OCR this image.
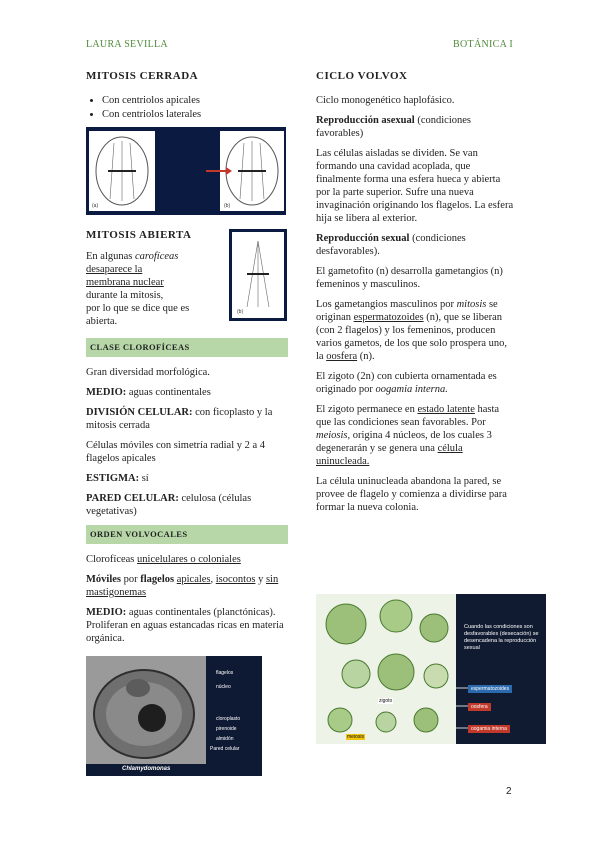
LAURA SEVILLA	BOTÁNICA I
MITOSIS CERRADA
• Con centriolos apicales
• Con centriolos laterales
(a)	(b)
MITOSIS ABIERTA
En algunas carofíceas
desaparece la
membrana nuclear
durante la mitosis,
por lo que se dice que es
abierta.
(b)
CLASE CLOROFÍCEAS

Gran diversidad morfológica.

MEDIO: aguas continentales

DIVISIÓN CELULAR: con ficoplasto y la mitosis cerrada

Células móviles con simetría radial y 2 a 4 flagelos apicales

ESTIGMA: sí

PARED CELULAR: celulosa (células vegetativas)

ORDEN VOLVOCALES

Clorofíceas unicelulares o coloniales

Móviles por flagelos apicales, isocontos y sin mastigonemas

MEDIO: aguas continentales (planctónicas). Proliferan en aguas estancadas ricas en materia orgánica.

flagelos
núcleo
cloroplasto
pirenoide
almidón
Pared celular
Chlamydomonas
CICLO VOLVOX

Ciclo monogenético haplofásico.

Reproducción asexual (condiciones favorables)

Las células aisladas se dividen. Se van formando una cavidad acoplada, que finalmente forma una esfera hueca y abierta por la parte superior. Sufre una nueva invaginación originando los flagelos. La esfera hija se libera al exterior.

Reproducción sexual (condiciones desfavorables).

El gametofito (n) desarrolla gametangios (n) femeninos y masculinos.

Los gametangios masculinos por mitosis se originan espermatozoides (n), que se liberan (con 2 flagelos) y los femeninos, producen varios gametos, de los que solo prospera uno, la oosfera (n).

El zigoto (2n) con cubierta ornamentada es originado por oogamia interna.

El zigoto permanece en estado latente hasta que las condiciones sean favorables. Por meiosis, origina 4 núcleos, de los cuales 3 degenerarán y se genera una célula uninucleada.

La célula uninucleada abandona la pared, se provee de flagelo y comienza a dividirse para formar la nueva colonia.

Cuando las condiciones son desfavorables (desecación) se desencadena la reproducción sexual
espermatozoides
oosfera
oogamia interna
zigoto
meiosis
2
